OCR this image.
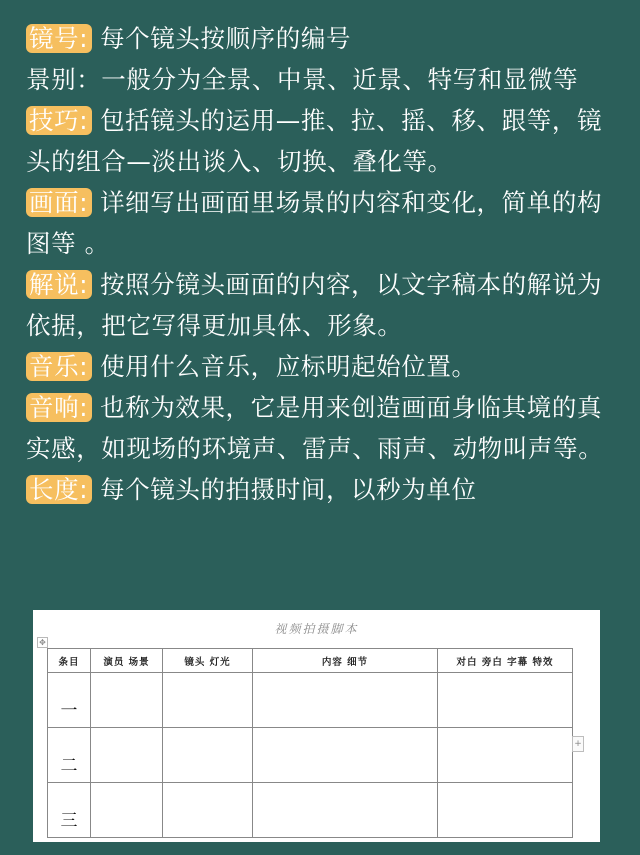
镜号: 每个镜头按顺序的编号

景别：一般分为全景、中景、近景、特写和显微等

技巧: 包括镜头的运用—推、拉、摇、移、跟等，镜头的组合—淡出谈入、切换、叠化等。

画面: 详细写出画面里场景的内容和变化，简单的构图等 。

解说: 按照分镜头画面的内容，以文字稿本的解说为依据，把它写得更加具体、形象。

音乐: 使用什么音乐，应标明起始位置。

音响: 也称为效果，它是用来创造画面身临其境的真实感，如现场的环境声、雷声、雨声、动物叫声等。

长度: 每个镜头的拍摄时间，以秒为单位

✥
视频拍摄脚本
条目	演员 场景	镜头 灯光	内容 细节	对白 旁白 字幕 特效
一				
二				
三				
+
